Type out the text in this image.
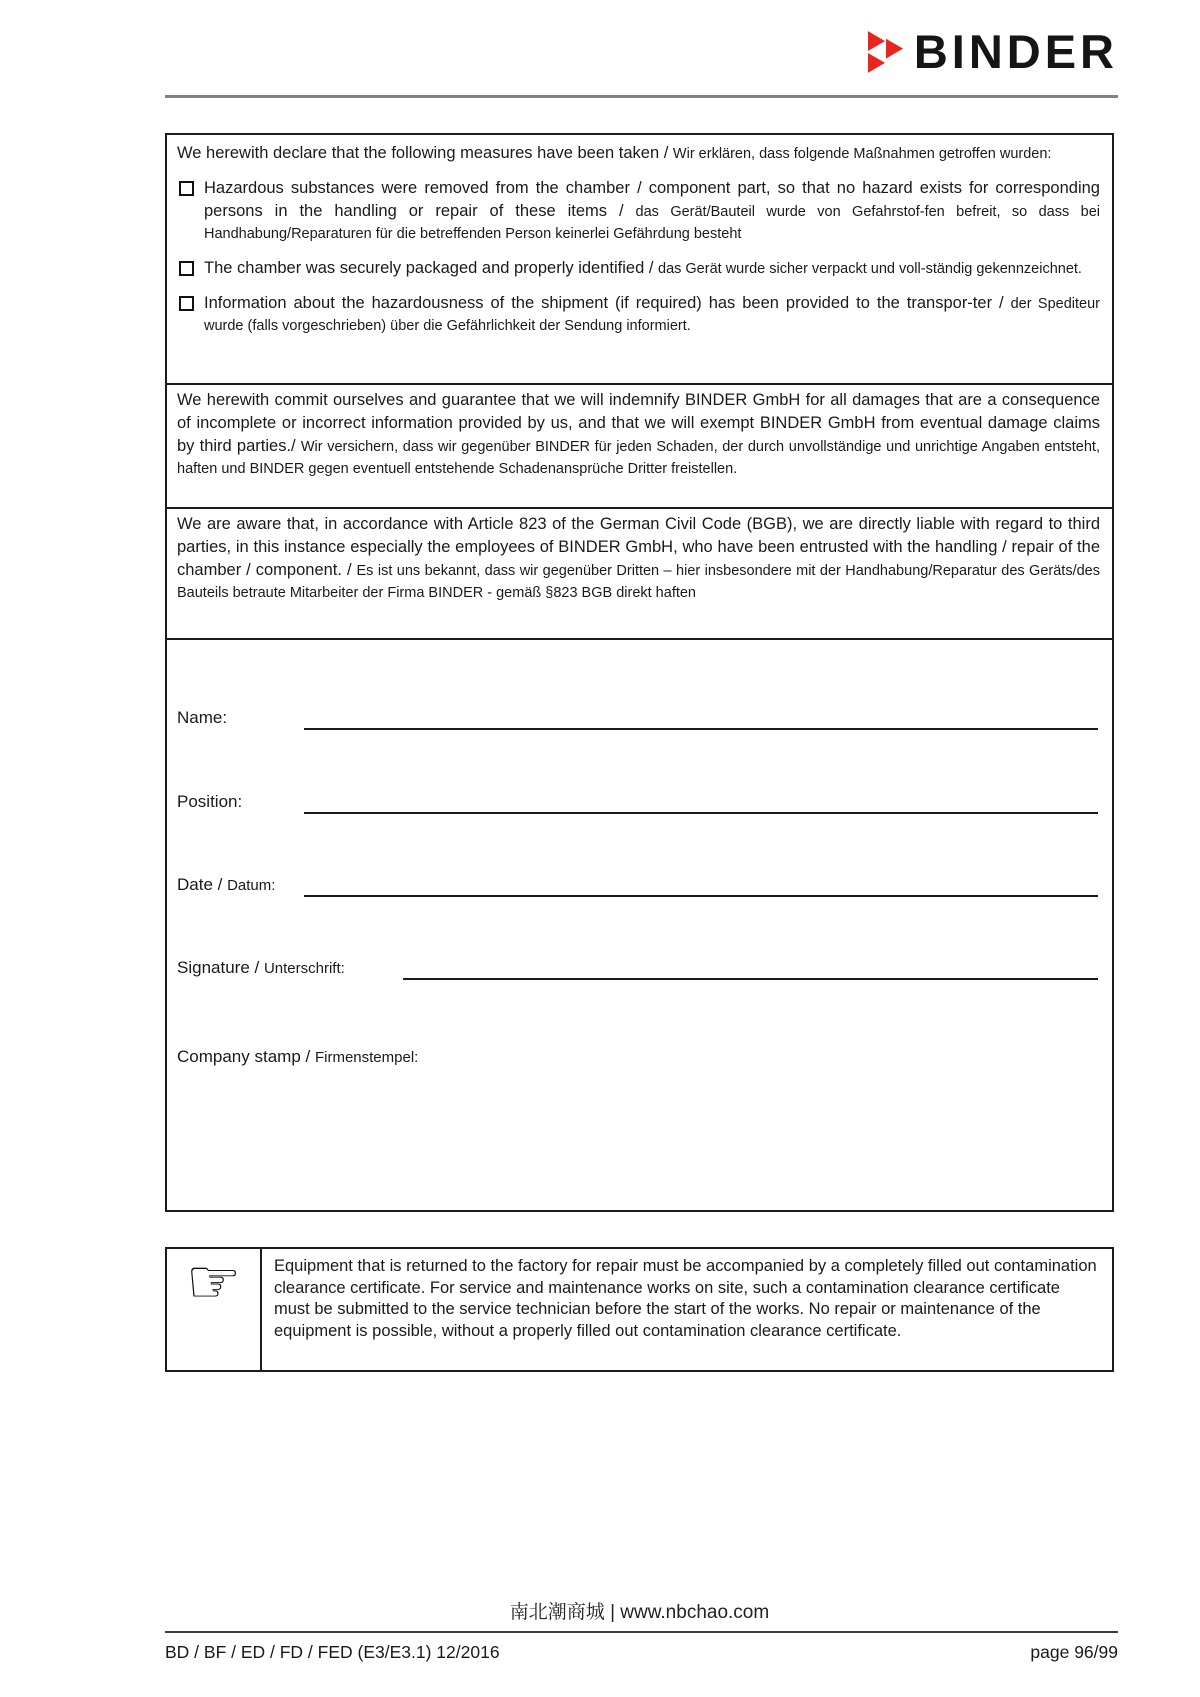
BINDER

We herewith declare that the following measures have been taken / Wir erklären, dass folgende Maßnahmen getroffen wurden:

Hazardous substances were removed from the chamber / component part, so that no hazard exists for corresponding persons in the handling or repair of these items / das Gerät/Bauteil wurde von Gefahrstof-fen befreit, so dass bei Handhabung/Reparaturen für die betreffenden Person keinerlei Gefährdung besteht

The chamber was securely packaged and properly identified / das Gerät wurde sicher verpackt und voll-ständig gekennzeichnet.

Information about the hazardousness of the shipment (if required) has been provided to the transpor-ter / der Spediteur wurde (falls vorgeschrieben) über die Gefährlichkeit der Sendung informiert.

We herewith commit ourselves and guarantee that we will indemnify BINDER GmbH for all damages that are a consequence of incomplete or incorrect information provided by us, and that we will exempt BINDER GmbH from eventual damage claims by third parties./ Wir versichern, dass wir gegenüber BINDER für jeden Schaden, der durch unvollständige und unrichtige Angaben entsteht, haften und BINDER gegen eventuell entstehende Schadenansprüche Dritter freistellen.

We are aware that, in accordance with Article 823 of the German Civil Code (BGB), we are directly liable with regard to third parties, in this instance especially the employees of BINDER GmbH, who have been entrusted with the handling / repair of the chamber / component. / Es ist uns bekannt, dass wir gegenüber Dritten – hier insbesondere mit der Handhabung/Reparatur des Geräts/des Bauteils betraute Mitarbeiter der Firma BINDER - gemäß §823 BGB direkt haften

Name:
Position:
Date / Datum:
Signature / Unterschrift:
Company stamp / Firmenstempel:
☞ Equipment that is returned to the factory for repair must be accompanied by a completely filled out contamination clearance certificate. For service and maintenance works on site, such a contamination clearance certificate must be submitted to the service technician before the start of the works. No repair or maintenance of the equipment is possible, without a properly filled out contamination clearance certificate.
南北潮商城 | www.nbchao.com
BD / BF / ED / FD / FED (E3/E3.1) 12/2016	page 96/99
